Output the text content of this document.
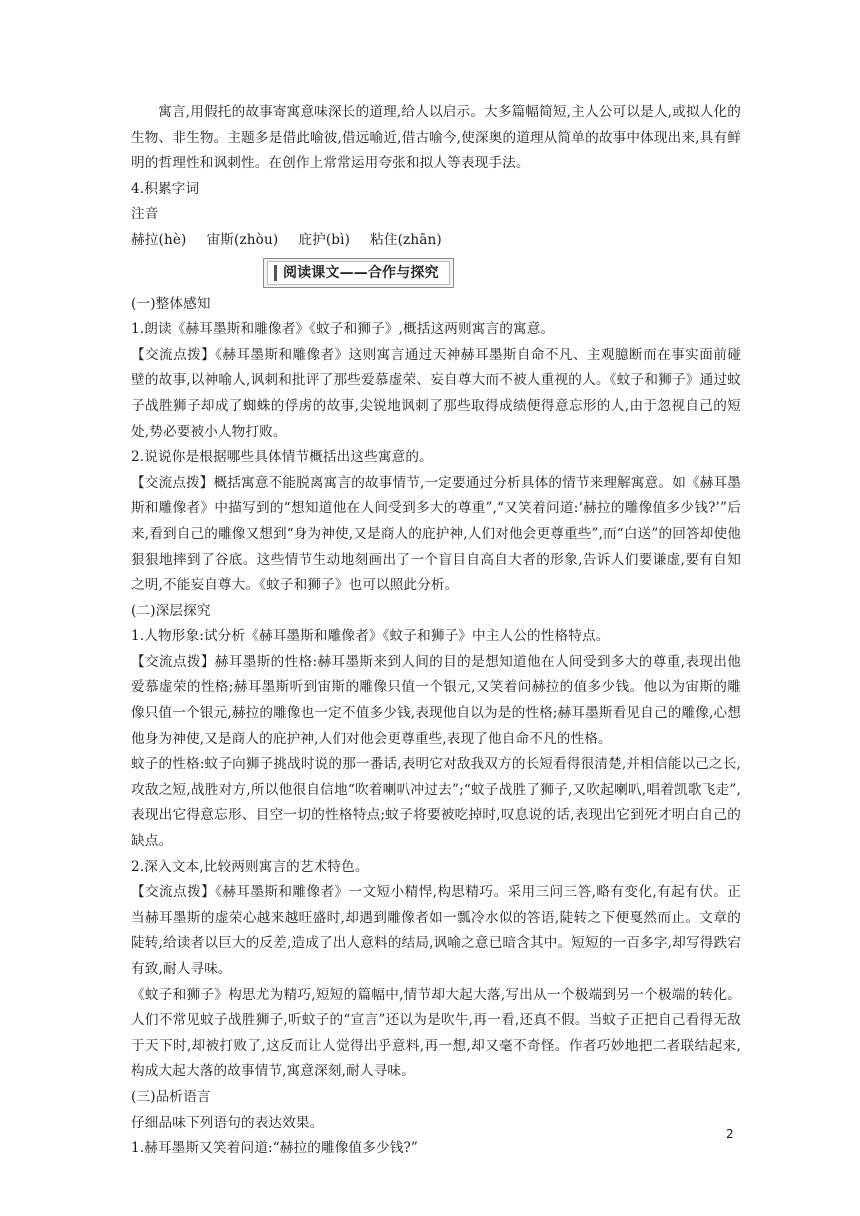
寓言,用假托的故事寄寓意味深长的道理,给人以启示。大多篇幅简短,主人公可以是人,或拟人化的生物、非生物。主题多是借此喻彼,借远喻近,借古喻今,使深奥的道理从简单的故事中体现出来,具有鲜明的哲理性和讽刺性。在创作上常常运用夸张和拟人等表现手法。

4.积累字词

注音

赫拉(hè) 宙斯(zhòu) 庇护(bì) 粘住(zhān)
阅读课文——合作与探究

(一)整体感知

1.朗读《赫耳墨斯和雕像者》《蚊子和狮子》,概括这两则寓言的寓意。

【交流点拨】《赫耳墨斯和雕像者》这则寓言通过天神赫耳墨斯自命不凡、主观臆断而在事实面前碰壁的故事,以神喻人,讽刺和批评了那些爱慕虚荣、妄自尊大而不被人重视的人。《蚊子和狮子》通过蚊子战胜狮子却成了蜘蛛的俘虏的故事,尖锐地讽刺了那些取得成绩便得意忘形的人,由于忽视自己的短处,势必要被小人物打败。

2.说说你是根据哪些具体情节概括出这些寓意的。

【交流点拨】概括寓意不能脱离寓言的故事情节,一定要通过分析具体的情节来理解寓意。如《赫耳墨斯和雕像者》中描写到的“想知道他在人间受到多大的尊重”,“又笑着问道:‘赫拉的雕像值多少钱?’”后来,看到自己的雕像又想到“身为神使,又是商人的庇护神,人们对他会更尊重些”,而“白送”的回答却使他狠狠地摔到了谷底。这些情节生动地刻画出了一个盲目自高自大者的形象,告诉人们要谦虚,要有自知之明,不能妄自尊大。《蚊子和狮子》也可以照此分析。

(二)深层探究

1.人物形象:试分析《赫耳墨斯和雕像者》《蚊子和狮子》中主人公的性格特点。

【交流点拨】赫耳墨斯的性格:赫耳墨斯来到人间的目的是想知道他在人间受到多大的尊重,表现出他爱慕虚荣的性格;赫耳墨斯听到宙斯的雕像只值一个银元,又笑着问赫拉的值多少钱。他以为宙斯的雕像只值一个银元,赫拉的雕像也一定不值多少钱,表现他自以为是的性格;赫耳墨斯看见自己的雕像,心想他身为神使,又是商人的庇护神,人们对他会更尊重些,表现了他自命不凡的性格。

蚊子的性格:蚊子向狮子挑战时说的那一番话,表明它对敌我双方的长短看得很清楚,并相信能以己之长,攻敌之短,战胜对方,所以他很自信地“吹着喇叭冲过去”;“蚊子战胜了狮子,又吹起喇叭,唱着凯歌飞走”,表现出它得意忘形、目空一切的性格特点;蚊子将要被吃掉时,叹息说的话,表现出它到死才明白自己的缺点。

2.深入文本,比较两则寓言的艺术特色。

【交流点拨】《赫耳墨斯和雕像者》一文短小精悍,构思精巧。采用三问三答,略有变化,有起有伏。正当赫耳墨斯的虚荣心越来越旺盛时,却遇到雕像者如一瓢冷水似的答语,陡转之下便戛然而止。文章的陡转,给读者以巨大的反差,造成了出人意料的结局,讽喻之意已暗含其中。短短的一百多字,却写得跌宕有致,耐人寻味。

《蚊子和狮子》构思尤为精巧,短短的篇幅中,情节却大起大落,写出从一个极端到另一个极端的转化。人们不常见蚊子战胜狮子,听蚊子的“宣言”还以为是吹牛,再一看,还真不假。当蚊子正把自己看得无敌于天下时,却被打败了,这反而让人觉得出乎意料,再一想,却又毫不奇怪。作者巧妙地把二者联结起来,构成大起大落的故事情节,寓意深刻,耐人寻味。

(三)品析语言

仔细品味下列语句的表达效果。

1.赫耳墨斯又笑着问道:“赫拉的雕像值多少钱?”

2
